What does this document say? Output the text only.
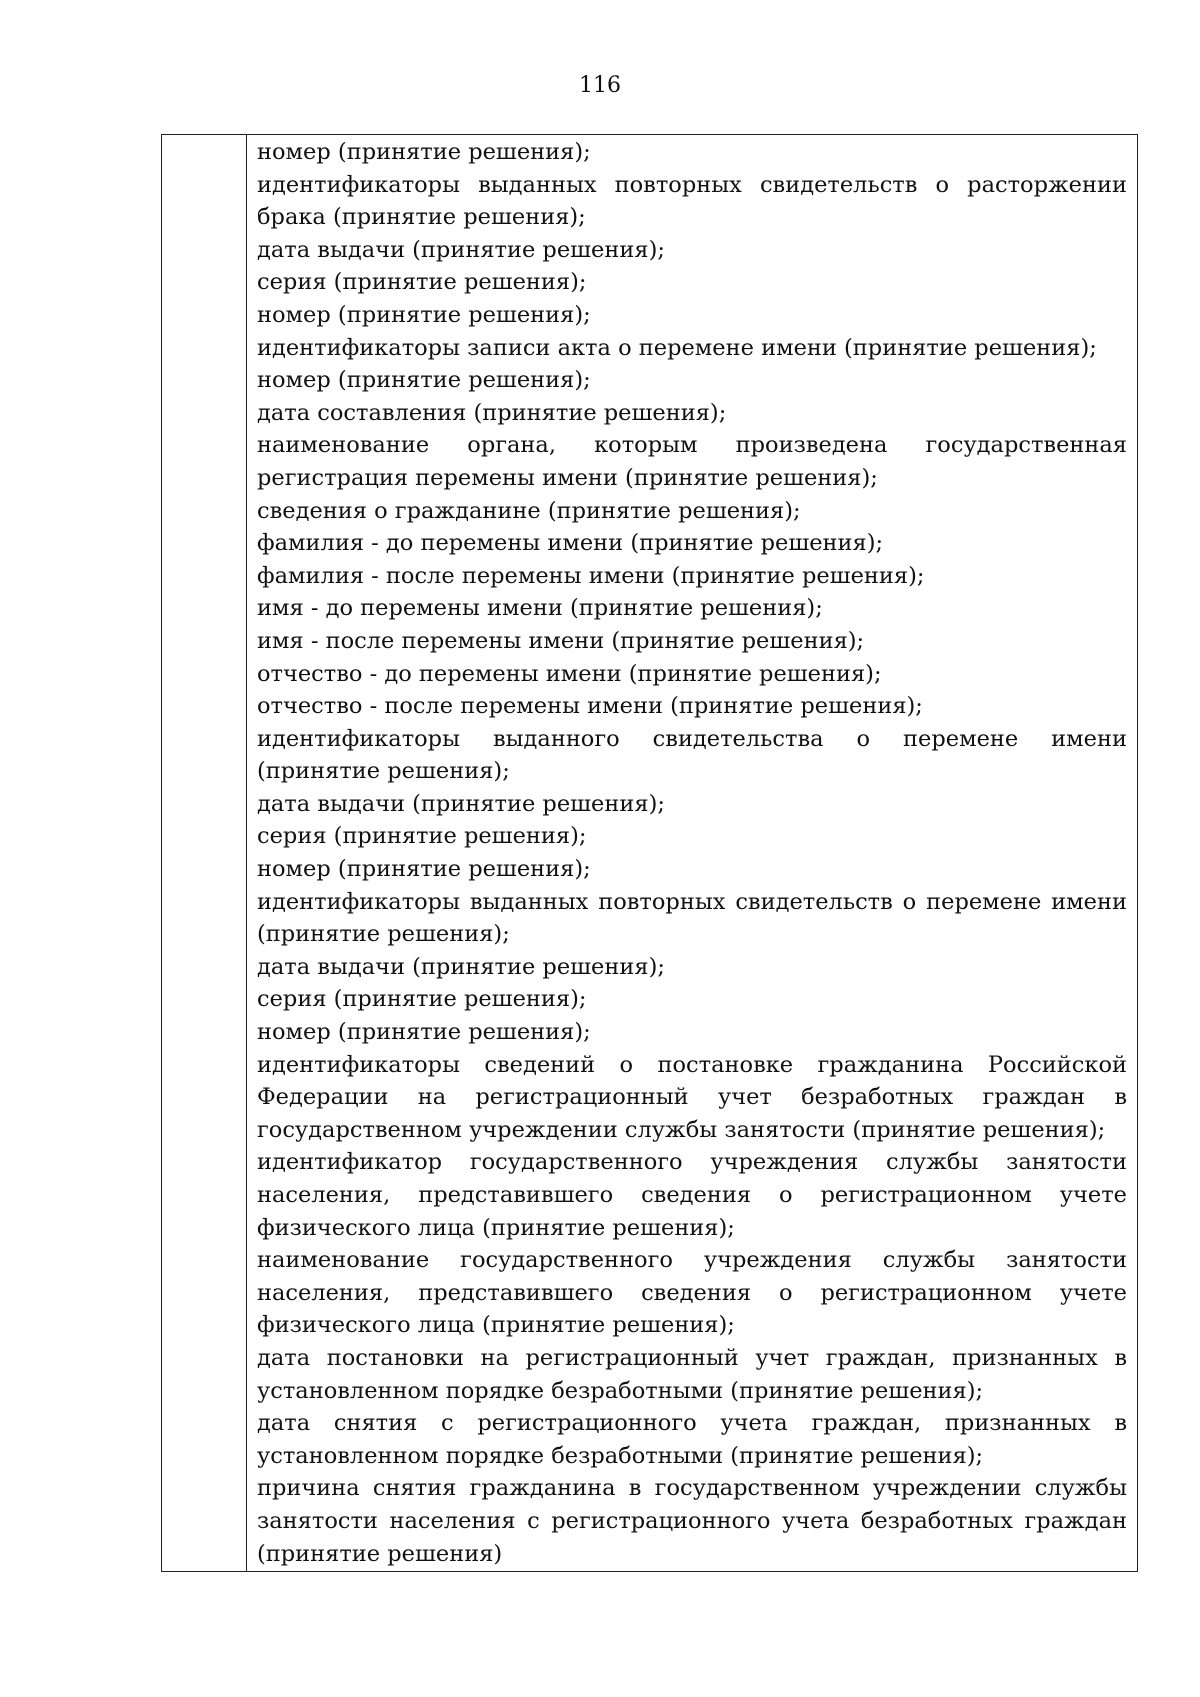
116

номер (принятие решения);

идентификаторы выданных повторных свидетельств о расторжении брака (принятие решения);

дата выдачи (принятие решения);

серия (принятие решения);

номер (принятие решения);

идентификаторы записи акта о перемене имени (принятие решения);

номер (принятие решения);

дата составления (принятие решения);

наименование органа, которым произведена государственная регистрация перемены имени (принятие решения);

сведения о гражданине (принятие решения);

фамилия - до перемены имени (принятие решения);

фамилия - после перемены имени (принятие решения);

имя - до перемены имени (принятие решения);

имя - после перемены имени (принятие решения);

отчество - до перемены имени (принятие решения);

отчество - после перемены имени (принятие решения);

идентификаторы выданного свидетельства о перемене имени (принятие решения);

дата выдачи (принятие решения);

серия (принятие решения);

номер (принятие решения);

идентификаторы выданных повторных свидетельств о перемене имени (принятие решения);

дата выдачи (принятие решения);

серия (принятие решения);

номер (принятие решения);

идентификаторы сведений о постановке гражданина Российской Федерации на регистрационный учет безработных граждан в государственном учреждении службы занятости (принятие решения);

идентификатор государственного учреждения службы занятости населения, представившего сведения о регистрационном учете физического лица (принятие решения);

наименование государственного учреждения службы занятости населения, представившего сведения о регистрационном учете физического лица (принятие решения);

дата постановки на регистрационный учет граждан, признанных в установленном порядке безработными (принятие решения);

дата снятия с регистрационного учета граждан, признанных в установленном порядке безработными (принятие решения);

причина снятия гражданина в государственном учреждении службы занятости населения с регистрационного учета безработных граждан (принятие решения)
